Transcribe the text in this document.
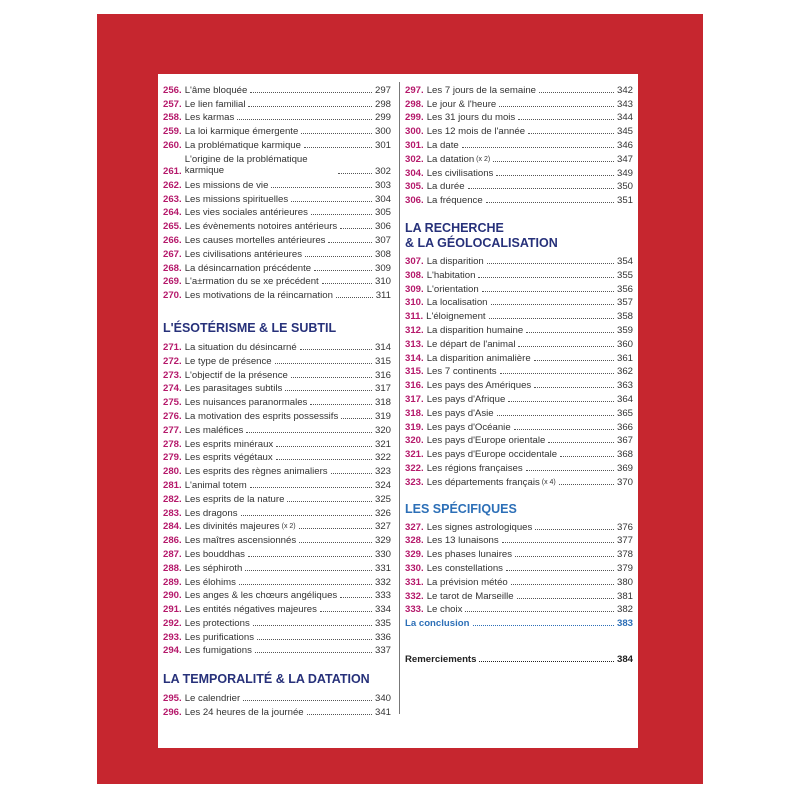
256. L'âme bloquée	297
257. Le lien familial	298
258. Les karmas	299
259. La loi karmique émergente	300
260. La problématique karmique	301
261.
L'origine de la problématique karmique	302
262. Les missions de vie	303
263. Les missions spirituelles	304
264. Les vies sociales antérieures	305
265. Les évènements notoires antérieurs	306
266. Les causes mortelles antérieures	307
267. Les civilisations antérieures	308
268. La désincarnation précédente	309
269. L'a±rmation du se xe précédent	310
270. Les motivations de la réincarnation	311
L'ÉSOTÉRISME & LE SUBTIL
271. La situation du désincarné	314
272. Le type de présence	315
273. L'objectif de la présence	316
274. Les parasitages subtils	317
275. Les nuisances paranormales	318
276. La motivation des esprits possessifs	319
277. Les maléfices	320
278. Les esprits minéraux	321
279. Les esprits végétaux	322
280. Les esprits des règnes animaliers	323
281. L'animal totem	324
282. Les esprits de la nature	325
283. Les dragons	326
284. Les divinités majeures (x 2)	327
286. Les maîtres ascensionnés	329
287. Les bouddhas	330
288. Les séphiroth	331
289. Les élohims	332
290. Les anges & les chœurs angéliques	333
291. Les entités négatives majeures	334
292. Les protections	335
293. Les purifications	336
294. Les fumigations	337
LA TEMPORALITÉ & LA DATATION
295. Le calendrier	340
296. Les 24 heures de la journée	341
297. Les 7 jours de la semaine	342
298. Le jour & l'heure	343
299. Les 31 jours du mois	344
300. Les 12 mois de l'année	345
301. La date	346
302. La datation (x 2)	347
304. Les civilisations	349
305. La durée	350
306. La fréquence	351
LA RECHERCHE
& LA GÉOLOCALISATION
307. La disparition	354
308. L'habitation	355
309. L'orientation	356
310. La localisation	357
311. L'éloignement	358
312. La disparition humaine	359
313. Le départ de l'animal	360
314. La disparition animalière	361
315. Les 7 continents	362
316. Les pays des Amériques	363
317. Les pays d'Afrique	364
318. Les pays d'Asie	365
319. Les pays d'Océanie	366
320. Les pays d'Europe orientale	367
321. Les pays d'Europe occidentale	368
322. Les régions françaises	369
323. Les départements français (x 4)	370
LES SPÉCIFIQUES
327. Les signes astrologiques	376
328. Les 13 lunaisons	377
329. Les phases lunaires	378
330. Les constellations	379
331. La prévision météo	380
332. Le tarot de Marseille	381
333. Le choix	382
La conclusion	383
Remerciements	384
